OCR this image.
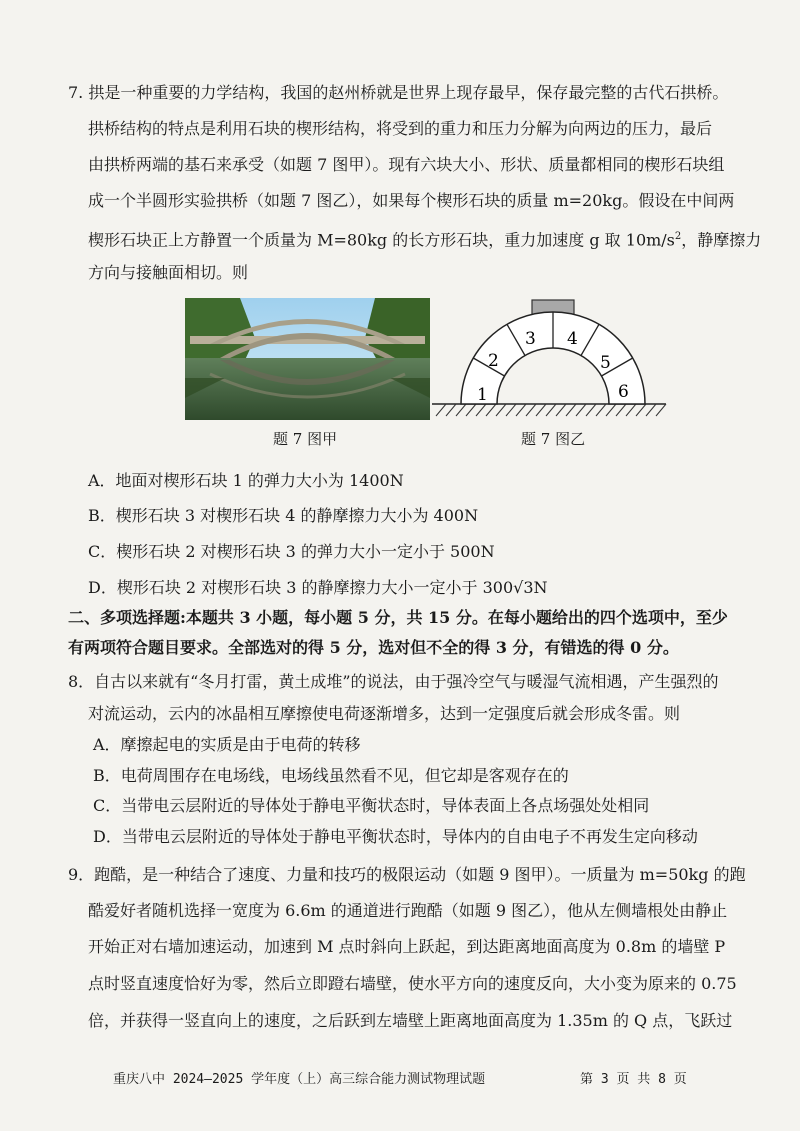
7. 拱是一种重要的力学结构，我国的赵州桥就是世界上现存最早，保存最完整的古代石拱桥。
拱桥结构的特点是利用石块的楔形结构，将受到的重力和压力分解为向两边的压力，最后
由拱桥两端的基石来承受（如题 7 图甲）。现有六块大小、形状、质量都相同的楔形石块组
成一个半圆形实验拱桥（如题 7 图乙），如果每个楔形石块的质量 m=20kg。假设在中间两
楔形石块正上方静置一个质量为 M=80kg 的长方形石块，重力加速度 g 取 $10m/s^2$，静摩擦力
方向与接触面相切。则
题 7 图甲
1
2
3 4
5
6
题 7 图乙
A．地面对楔形石块 1 的弹力大小为 1400N
B．楔形石块 3 对楔形石块 4 的静摩擦力大小为 400N
C．楔形石块 2 对楔形石块 3 的弹力大小一定小于 500N
D．楔形石块 2 对楔形石块 3 的静摩擦力大小一定小于 300√3N
二、多项选择题:本题共 3 小题，每小题 5 分，共 15 分。在每小题给出的四个选项中，至少
有两项符合题目要求。全部选对的得 5 分，选对但不全的得 3 分，有错选的得 0 分。
8．自古以来就有“冬月打雷，黄土成堆”的说法，由于强冷空气与暖湿气流相遇，产生强烈的
对流运动，云内的冰晶相互摩擦使电荷逐渐增多，达到一定强度后就会形成冬雷。则
A．摩擦起电的实质是由于电荷的转移
B．电荷周围存在电场线，电场线虽然看不见，但它却是客观存在的
C．当带电云层附近的导体处于静电平衡状态时，导体表面上各点场强处处相同
D．当带电云层附近的导体处于静电平衡状态时，导体内的自由电子不再发生定向移动
9．跑酷，是一种结合了速度、力量和技巧的极限运动（如题 9 图甲）。一质量为 m=50kg 的跑
酷爱好者随机选择一宽度为 6.6m 的通道进行跑酷（如题 9 图乙），他从左侧墙根处由静止
开始正对右墙加速运动，加速到 M 点时斜向上跃起，到达距离地面高度为 0.8m 的墙壁 P
点时竖直速度恰好为零，然后立即蹬右墙壁，使水平方向的速度反向，大小变为原来的 0.75
倍，并获得一竖直向上的速度，之后跃到左墙壁上距离地面高度为 1.35m 的 Q 点，飞跃过
重庆八中 2024—2025 学年度（上）高三综合能力测试物理试题	第 3 页 共 8 页
